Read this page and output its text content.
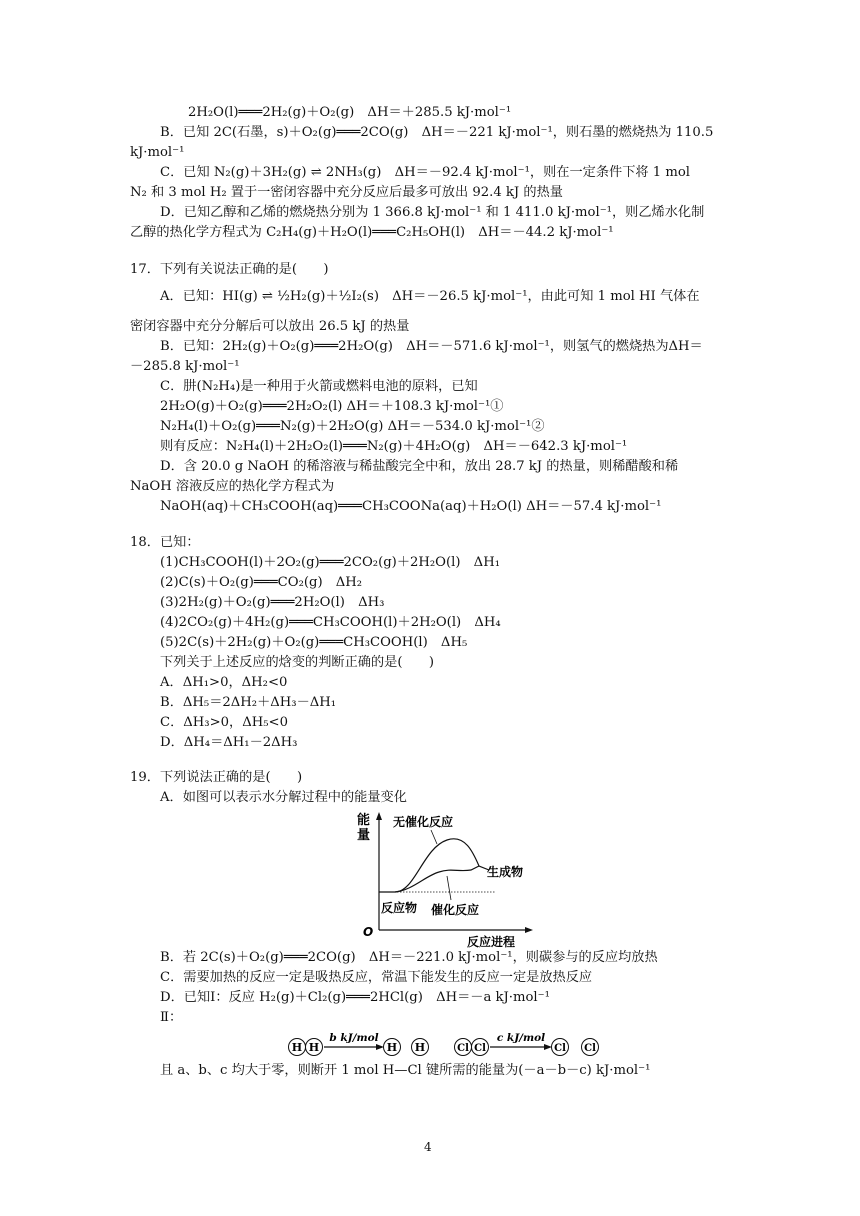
2H₂O(l)═══2H₂(g)＋O₂(g)　ΔH＝＋285.5 kJ·mol⁻¹
B．已知 2C(石墨，s)＋O₂(g)═══2CO(g)　ΔH＝－221 kJ·mol⁻¹，则石墨的燃烧热为 110.5
kJ·mol⁻¹
C．已知 N₂(g)＋3H₂(g) ⇌ 2NH₃(g)　ΔH＝－92.4 kJ·mol⁻¹，则在一定条件下将 1 mol
N₂ 和 3 mol H₂ 置于一密闭容器中充分反应后最多可放出 92.4 kJ 的热量
D．已知乙醇和乙烯的燃烧热分别为 1 366.8 kJ·mol⁻¹ 和 1 411.0 kJ·mol⁻¹，则乙烯水化制
乙醇的热化学方程式为 C₂H₄(g)＋H₂O(l)═══C₂H₅OH(l)　ΔH＝－44.2 kJ·mol⁻¹
17．下列有关说法正确的是(　　)
A．已知：HI(g) ⇌ ½H₂(g)＋½I₂(s)　ΔH＝－26.5 kJ·mol⁻¹，由此可知 1 mol HI 气体在
密闭容器中充分分解后可以放出 26.5 kJ 的热量
B．已知：2H₂(g)＋O₂(g)═══2H₂O(g)　ΔH＝－571.6 kJ·mol⁻¹，则氢气的燃烧热为ΔH＝
－285.8 kJ·mol⁻¹
C．肼(N₂H₄)是一种用于火箭或燃料电池的原料，已知
2H₂O(g)＋O₂(g)═══2H₂O₂(l) ΔH＝＋108.3 kJ·mol⁻¹①
N₂H₄(l)＋O₂(g)═══N₂(g)＋2H₂O(g) ΔH＝－534.0 kJ·mol⁻¹②
则有反应：N₂H₄(l)＋2H₂O₂(l)═══N₂(g)＋4H₂O(g)　ΔH＝－642.3 kJ·mol⁻¹
D．含 20.0 g NaOH 的稀溶液与稀盐酸完全中和，放出 28.7 kJ 的热量，则稀醋酸和稀
NaOH 溶液反应的热化学方程式为
NaOH(aq)＋CH₃COOH(aq)═══CH₃COONa(aq)＋H₂O(l) ΔH＝－57.4 kJ·mol⁻¹
18．已知：
(1)CH₃COOH(l)＋2O₂(g)═══2CO₂(g)＋2H₂O(l)　ΔH₁
(2)C(s)＋O₂(g)═══CO₂(g)　ΔH₂
(3)2H₂(g)＋O₂(g)═══2H₂O(l)　ΔH₃
(4)2CO₂(g)＋4H₂(g)═══CH₃COOH(l)＋2H₂O(l)　ΔH₄
(5)2C(s)＋2H₂(g)＋O₂(g)═══CH₃COOH(l)　ΔH₅
下列关于上述反应的焓变的判断正确的是(　　)
A．ΔH₁>0，ΔH₂<0
B．ΔH₅＝2ΔH₂＋ΔH₃－ΔH₁
C．ΔH₃>0，ΔH₅<0
D．ΔH₄＝ΔH₁－2ΔH₃
19．下列说法正确的是(　　)
A．如图可以表示水分解过程中的能量变化
能
量
无催化反应
生成物
反应物 催化反应
O
反应进程
B．若 2C(s)＋O₂(g)═══2CO(g)　ΔH＝－221.0 kJ·mol⁻¹，则碳参与的反应均放热
C．需要加热的反应一定是吸热反应，常温下能发生的反应一定是放热反应
D．已知Ⅰ：反应 H₂(g)＋Cl₂(g)═══2HCl(g)　ΔH＝－a kJ·mol⁻¹
Ⅱ：
H H
b kJ/mol
H H	Cl Cl
c kJ/mol
Cl Cl
且 a、b、c 均大于零，则断开 1 mol H—Cl 键所需的能量为(－a－b－c) kJ·mol⁻¹
4
